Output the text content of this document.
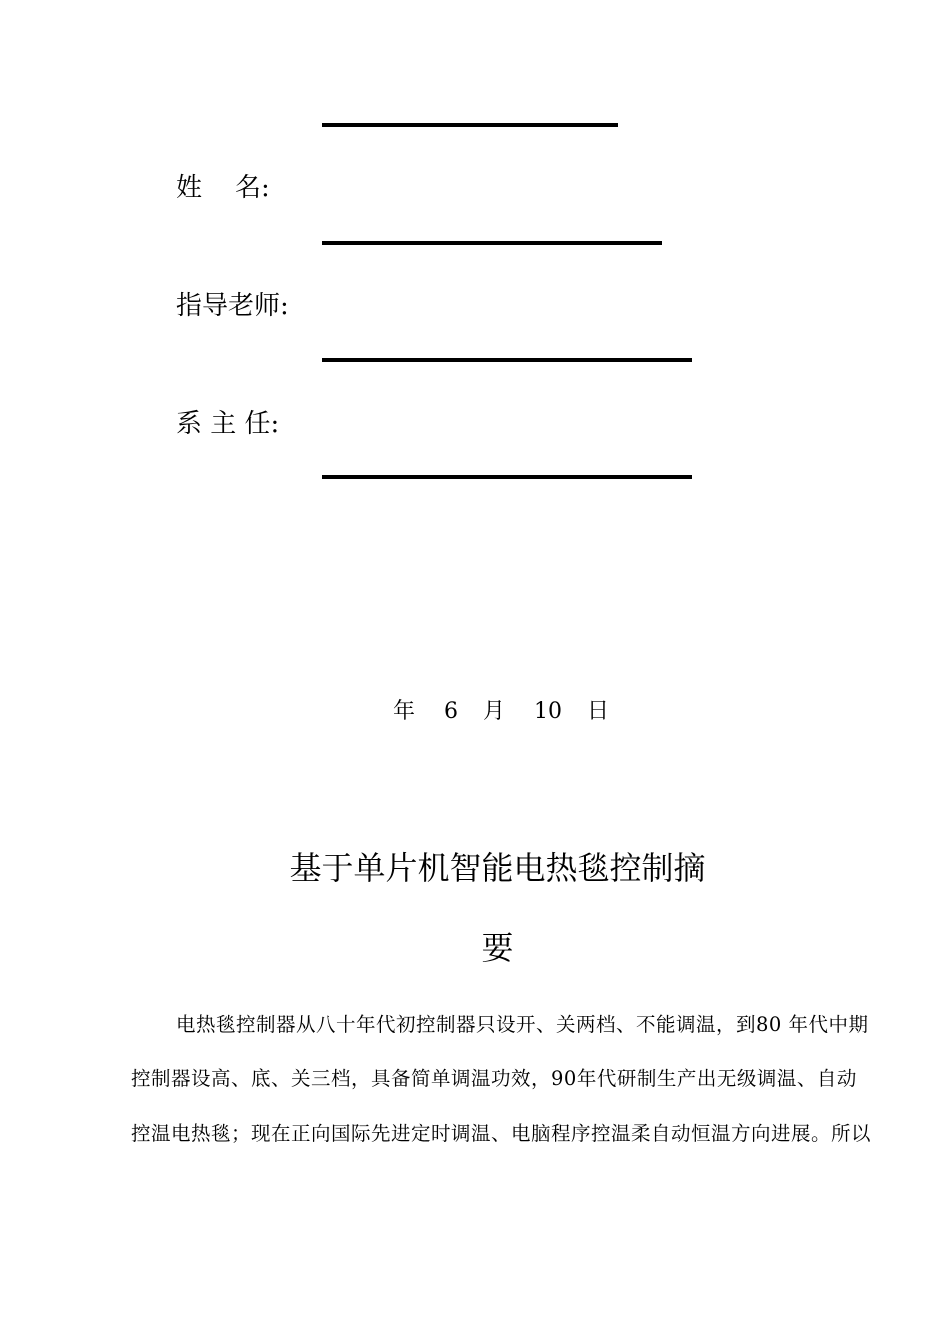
姓    名:
指导老师:
系 主 任:
年 6 月 10 日
基于单片机智能电热毯控制摘
要
电热毯控制器从八十年代初控制器只设开、关两档、不能调温，到80 年代中期
控制器设高、底、关三档，具备简单调温功效，90年代研制生产出无级调温、自动
控温电热毯；现在正向国际先进定时调温、电脑程序控温柔自动恒温方向进展。所以
